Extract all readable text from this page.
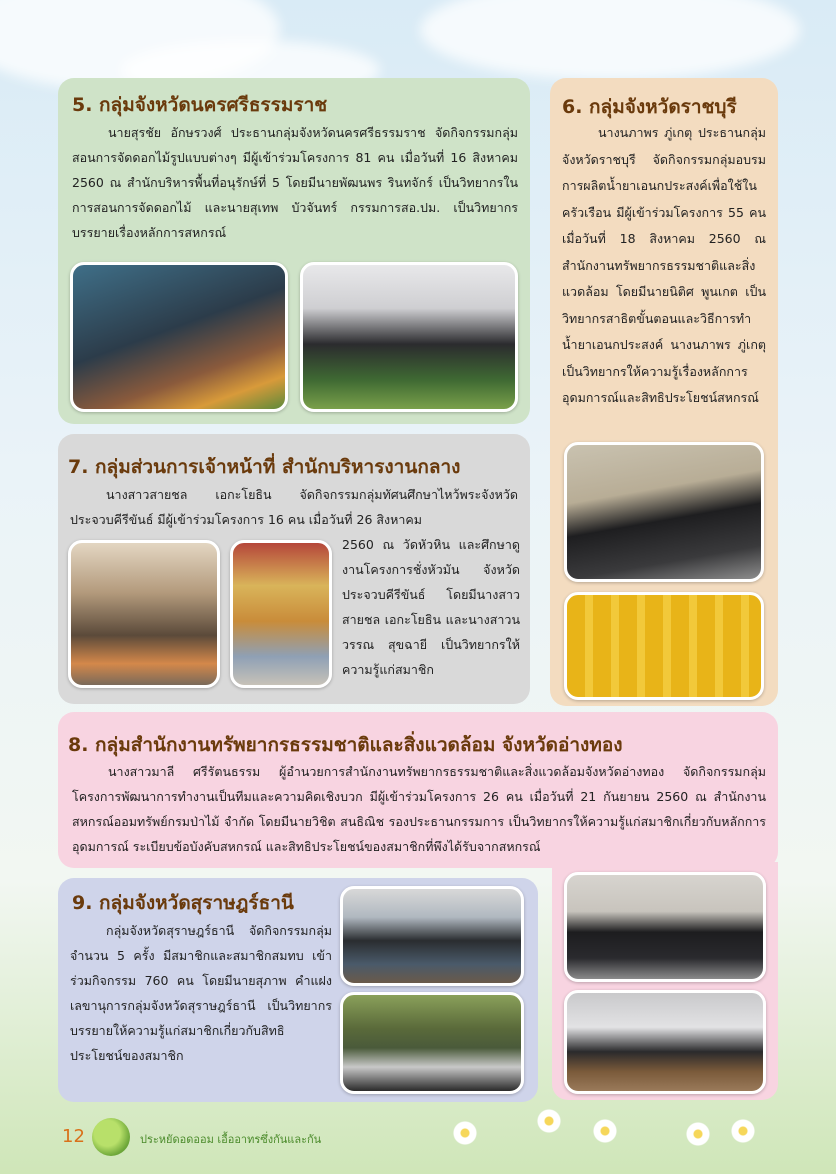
5. กลุ่มจังหวัดนครศรีธรรมราช

นายสุรชัย อักษรวงศ์ ประธานกลุ่มจังหวัดนครศรีธรรมราช จัดกิจกรรมกลุ่มสอนการจัดดอกไม้รูปแบบต่างๆ มีผู้เข้าร่วมโครงการ 81 คน เมื่อวันที่ 16 สิงหาคม 2560 ณ สำนักบริหารพื้นที่อนุรักษ์ที่ 5 โดยมีนายพัฒนพร รินทจักร์ เป็นวิทยากรในการสอนการจัดดอกไม้ และนายสุเทพ บัวจันทร์ กรรมการสอ.ปม. เป็นวิทยากร บรรยายเรื่องหลักการสหกรณ์

6. กลุ่มจังหวัดราชบุรี

นางนภาพร ภู่เกตุ ประธานกลุ่มจังหวัดราชบุรี จัดกิจกรรมกลุ่มอบรมการผลิตน้ำยาเอนกประสงค์เพื่อใช้ในครัวเรือน มีผู้เข้าร่วมโครงการ 55 คน เมื่อวันที่ 18 สิงหาคม 2560 ณ สำนักงานทรัพยากรธรรมชาติและสิ่งแวดล้อม โดยมีนายนิติศ พูนเกต เป็นวิทยากรสาธิตขั้นตอนและวิธีการทำน้ำยาเอนกประสงค์ นางนภาพร ภู่เกตุ เป็นวิทยากรให้ความรู้เรื่องหลักการ อุดมการณ์และสิทธิประโยชน์สหกรณ์

7. กลุ่มส่วนการเจ้าหน้าที่ สำนักบริหารงานกลาง

นางสาวสายชล เอกะโยธิน จัดกิจกรรมกลุ่มทัศนศึกษาไหว้พระจังหวัดประจวบคีรีขันธ์ มีผู้เข้าร่วมโครงการ 16 คน เมื่อวันที่ 26 สิงหาคม

2560 ณ วัดหัวหิน และศึกษาดูงานโครงการชั่งหัวมัน จังหวัดประจวบคีรีขันธ์ โดยมีนางสาวสายชล เอกะโยธิน และนางสาวนวรรณ สุขฉายี เป็นวิทยากรให้ความรู้แก่สมาชิก

8. กลุ่มสำนักงานทรัพยากรธรรมชาติและสิ่งแวดล้อม จังหวัดอ่างทอง

นางสาวมาลี ศรีรัตนธรรม ผู้อำนวยการสำนักงานทรัพยากรธรรมชาติและสิ่งแวดล้อมจังหวัดอ่างทอง จัดกิจกรรมกลุ่มโครงการพัฒนาการทำงานเป็นทีมและความคิดเชิงบวก มีผู้เข้าร่วมโครงการ 26 คน เมื่อวันที่ 21 กันยายน 2560 ณ สำนักงานสหกรณ์ออมทรัพย์กรมป่าไม้ จำกัด โดยมีนายวิชิต สนธิณิช รองประธานกรรมการ เป็นวิทยากรให้ความรู้แก่สมาชิกเกี่ยวกับหลักการ อุดมการณ์ ระเบียบข้อบังคับสหกรณ์ และสิทธิประโยชน์ของสมาชิกที่พึงได้รับจากสหกรณ์

9. กลุ่มจังหวัดสุราษฎร์ธานี

กลุ่มจังหวัดสุราษฎร์ธานี จัดกิจกรรมกลุ่ม จำนวน 5 ครั้ง มีสมาชิกและสมาชิกสมทบ เข้าร่วมกิจกรรม 760 คน โดยมีนายสุภาพ คำแฝง เลขานุการกลุ่มจังหวัดสุราษฎร์ธานี เป็นวิทยากรบรรยายให้ความรู้แก่สมาชิกเกี่ยวกับสิทธิประโยชน์ของสมาชิก

12	ประหยัดอดออม เอื้ออาทรซึ่งกันและกัน
